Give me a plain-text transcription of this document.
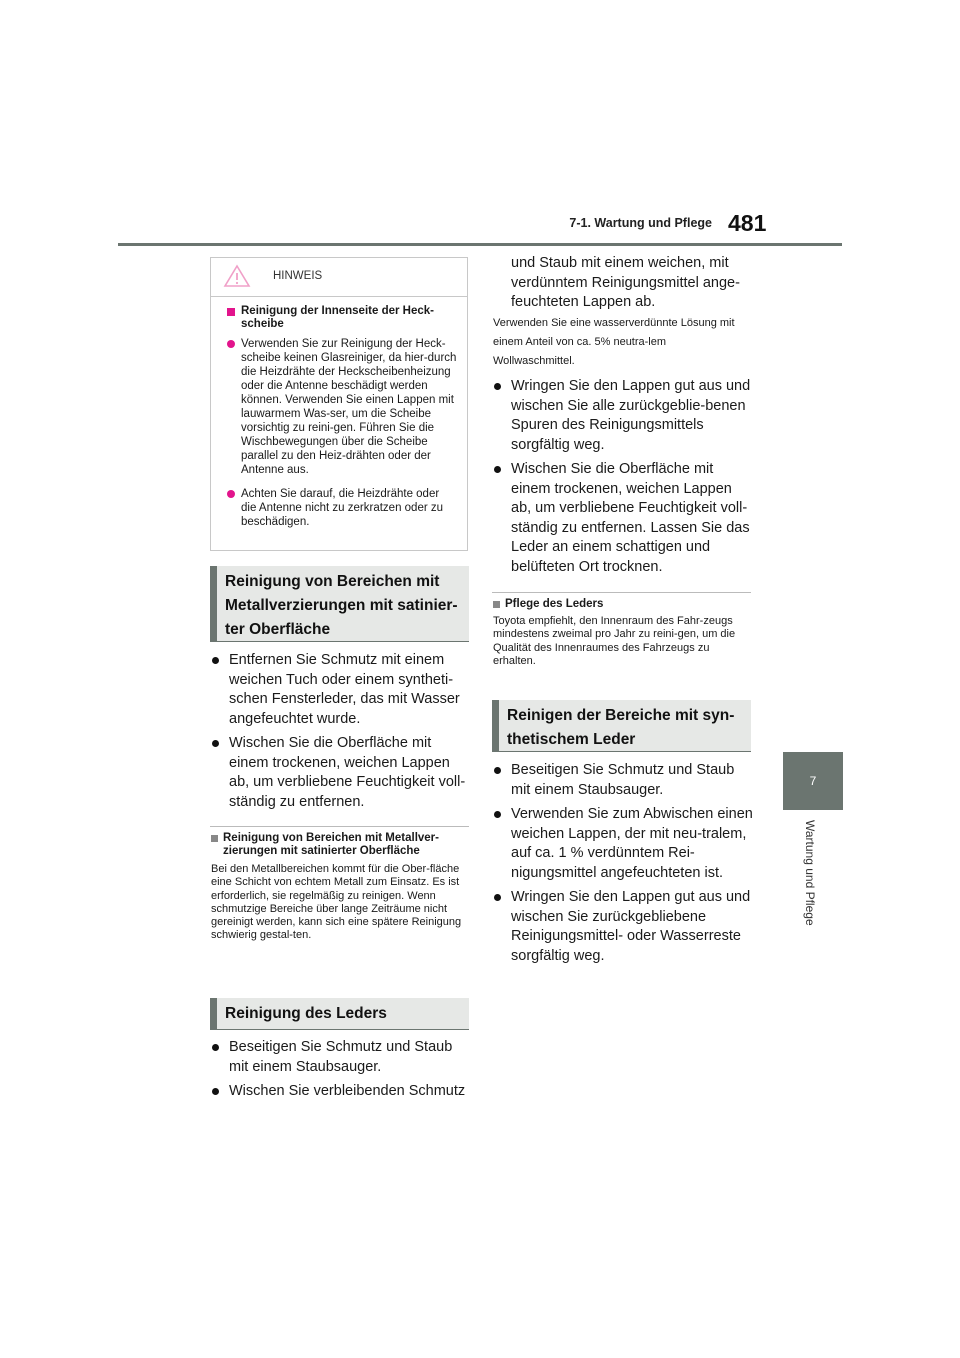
7-1. Wartung und Pflege 481
7
Wartung und Pflege
HINWEIS
Reinigung der Innenseite der Heck-scheibe
Verwenden Sie zur Reinigung der Heck-scheibe keinen Glasreiniger, da hier-durch die Heizdrähte der Heckscheibenheizung oder die Antenne beschädigt werden können. Verwenden Sie einen Lappen mit lauwarmem Was-ser, um die Scheibe vorsichtig zu reini-gen. Führen Sie die Wischbewegungen über die Scheibe parallel zu den Heiz-drähten oder der Antenne aus.
Achten Sie darauf, die Heizdrähte oder die Antenne nicht zu zerkratzen oder zu beschädigen.
Reinigung von Bereichen mit Metallverzierungen mit satinier-ter Oberfläche
Entfernen Sie Schmutz mit einem weichen Tuch oder einem syntheti-schen Fensterleder, das mit Wasser angefeuchtet wurde.
Wischen Sie die Oberfläche mit einem trockenen, weichen Lappen ab, um verbliebene Feuchtigkeit voll-ständig zu entfernen.
Reinigung von Bereichen mit Metallver-zierungen mit satinierter Oberfläche
Bei den Metallbereichen kommt für die Ober-fläche eine Schicht von echtem Metall zum Einsatz. Es ist erforderlich, sie regelmäßig zu reinigen. Wenn schmutzige Bereiche über lange Zeiträume nicht gereinigt werden, kann sich eine spätere Reinigung schwierig gestal-ten.
Reinigung des Leders
Beseitigen Sie Schmutz und Staub mit einem Staubsauger.
Wischen Sie verbleibenden Schmutz
und Staub mit einem weichen, mit verdünntem Reinigungsmittel ange-feuchteten Lappen ab.
Verwenden Sie eine wasserverdünnte Lösung mit einem Anteil von ca. 5% neutra-lem Wollwaschmittel.
Wringen Sie den Lappen gut aus und wischen Sie alle zurückgeblie-benen Spuren des Reinigungsmittels sorgfältig weg.
Wischen Sie die Oberfläche mit einem trockenen, weichen Lappen ab, um verbliebene Feuchtigkeit voll-ständig zu entfernen. Lassen Sie das Leder an einem schattigen und belüfteten Ort trocknen.
Pflege des Leders
Toyota empfiehlt, den Innenraum des Fahr-zeugs mindestens zweimal pro Jahr zu reini-gen, um die Qualität des Innenraumes des Fahrzeugs zu erhalten.
Reinigen der Bereiche mit syn-thetischem Leder
Beseitigen Sie Schmutz und Staub mit einem Staubsauger.
Verwenden Sie zum Abwischen einen weichen Lappen, der mit neu-tralem, auf ca. 1 % verdünntem Rei-nigungsmittel angefeuchteten ist.
Wringen Sie den Lappen gut aus und wischen Sie zurückgebliebene Reinigungsmittel- oder Wasserreste sorgfältig weg.
